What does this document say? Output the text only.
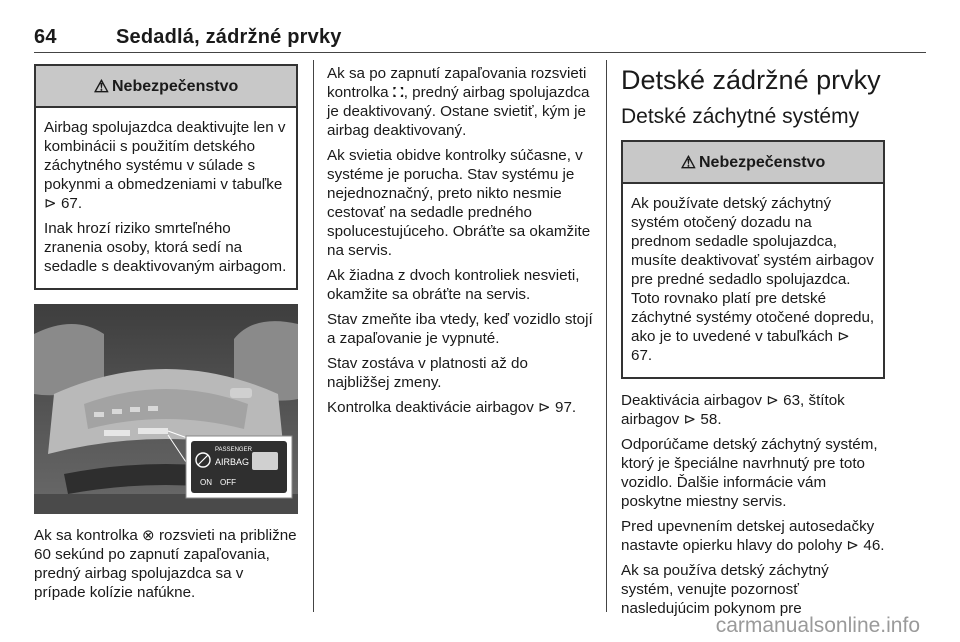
64	Sedadlá, zádržné prvky
⚠ Nebezpečenstvo

Airbag spolujazdca deaktivujte len v kombinácii s použitím detského záchytného systému v súlade s pokynmi a obmedzeniami v tabuľke ⊳ 67.

Inak hrozí riziko smrteľného zranenia osoby, ktorá sedí na sedadle s deaktivovaným airbagom.

PASSENGER
AIRBAG
ON OFF

Ak sa kontrolka ⊗ rozsvieti na približne 60 sekúnd po zapnutí zapaľovania, predný airbag spolujazdca sa v prípade kolízie nafúkne.

Ak sa po zapnutí zapaľovania rozsvieti kontrolka ⛚, predný airbag spolujazdca je deaktivovaný. Ostane svietiť, kým je airbag deaktivovaný.

Ak svietia obidve kontrolky súčasne, v systéme je porucha. Stav systému je nejednoznačný, preto nikto nesmie cestovať na sedadle predného spolucestujúceho. Obráťte sa okamžite na servis.

Ak žiadna z dvoch kontroliek nesvieti, okamžite sa obráťte na servis.

Stav zmeňte iba vtedy, keď vozidlo stojí a zapaľovanie je vypnuté.

Stav zostáva v platnosti až do najbližšej zmeny.

Kontrolka deaktivácie airbagov ⊳ 97.

Detské zádržné prvky
Detské záchytné systémy
⚠ Nebezpečenstvo

Ak používate detský záchytný systém otočený dozadu na prednom sedadle spolujazdca, musíte deaktivovať systém airbagov pre predné sedadlo spolujazdca. Toto rovnako platí pre detské záchytné systémy otočené dopredu, ako je to uvedené v tabuľkách ⊳ 67.

Deaktivácia airbagov ⊳ 63, štítok airbagov ⊳ 58.

Odporúčame detský záchytný systém, ktorý je špeciálne navrhnutý pre toto vozidlo. Ďalšie informácie vám poskytne miestny servis.

Pred upevnením detskej autosedačky nastavte opierku hlavy do polohy ⊳ 46.

Ak sa používa detský záchytný systém, venujte pozornosť nasledujúcim pokynom pre

carmanualsonline.info
